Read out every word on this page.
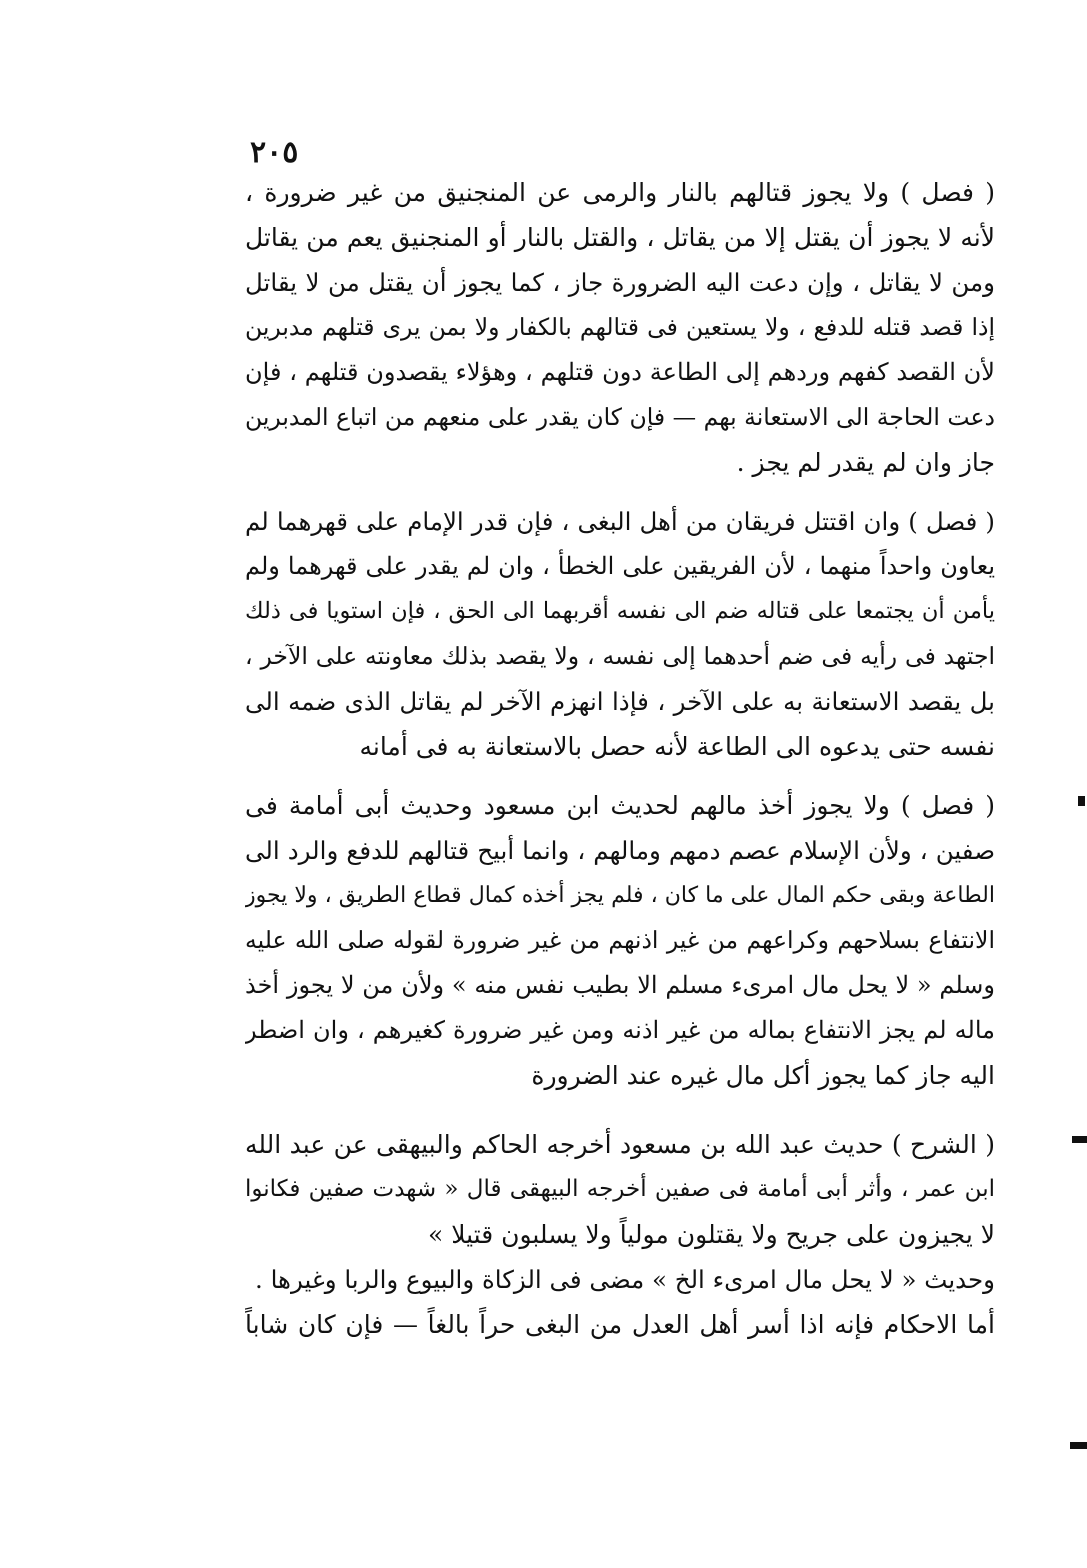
٢٠٥
( فصل ) ولا يجوز قتالهم بالنار والرمى عن المنجنيق من غير ضرورة ،
لأنه لا يجوز أن يقتل إلا من يقاتل ، والقتل بالنار أو المنجنيق يعم من يقاتل
ومن لا يقاتل ، وإن دعت اليه الضرورة جاز ، كما يجوز أن يقتل من لا يقاتل
إذا قصد قتله للدفع ، ولا يستعين فى قتالهم بالكفار ولا بمن يرى قتلهم مدبرين
لأن القصد كفهم وردهم إلى الطاعة دون قتلهم ، وهؤلاء يقصدون قتلهم ، فإن
دعت الحاجة الى الاستعانة بهم — فإن كان يقدر على منعهم من اتباع المدبرين
جاز وان لم يقدر لم يجز .
( فصل ) وان اقتتل فريقان من أهل البغى ، فإن قدر الإمام على قهرهما لم
يعاون واحداً منهما ، لأن الفريقين على الخطأ ، وان لم يقدر على قهرهما ولم
يأمن أن يجتمعا على قتاله ضم الى نفسه أقربهما الى الحق ، فإن استويا فى ذلك
اجتهد فى رأيه فى ضم أحدهما إلى نفسه ، ولا يقصد بذلك معاونته على الآخر ،
بل يقصد الاستعانة به على الآخر ، فإذا انهزم الآخر لم يقاتل الذى ضمه الى
نفسه حتى يدعوه الى الطاعة لأنه حصل بالاستعانة به فى أمانه
( فصل ) ولا يجوز أخذ مالهم لحديث ابن مسعود وحديث أبى أمامة فى
صفين ، ولأن الإسلام عصم دمهم ومالهم ، وانما أبيح قتالهم للدفع والرد الى
الطاعة وبقى حكم المال على ما كان ، فلم يجز أخذه كمال قطاع الطريق ، ولا يجوز
الانتفاع بسلاحهم وكراعهم من غير اذنهم من غير ضرورة لقوله صلى الله عليه
وسلم « لا يحل مال امرىء مسلم الا بطيب نفس منه » ولأن من لا يجوز أخذ
ماله لم يجز الانتفاع بماله من غير اذنه ومن غير ضرورة كغيرهم ، وان اضطر
اليه جاز كما يجوز أكل مال غيره عند الضرورة
( الشرح ) حديث عبد الله بن مسعود أخرجه الحاكم والبيهقى عن عبد الله
ابن عمر ، وأثر أبى أمامة فى صفين أخرجه البيهقى قال « شهدت صفين فكانوا
لا يجيزون على جريح ولا يقتلون مولياً ولا يسلبون قتيلا »
وحديث « لا يحل مال امرىء الخ » مضى فى الزكاة والبيوع والربا وغيرها .
أما الاحكام فإنه اذا أسر أهل العدل من البغى حراً بالغاً — فإن كان شاباً
